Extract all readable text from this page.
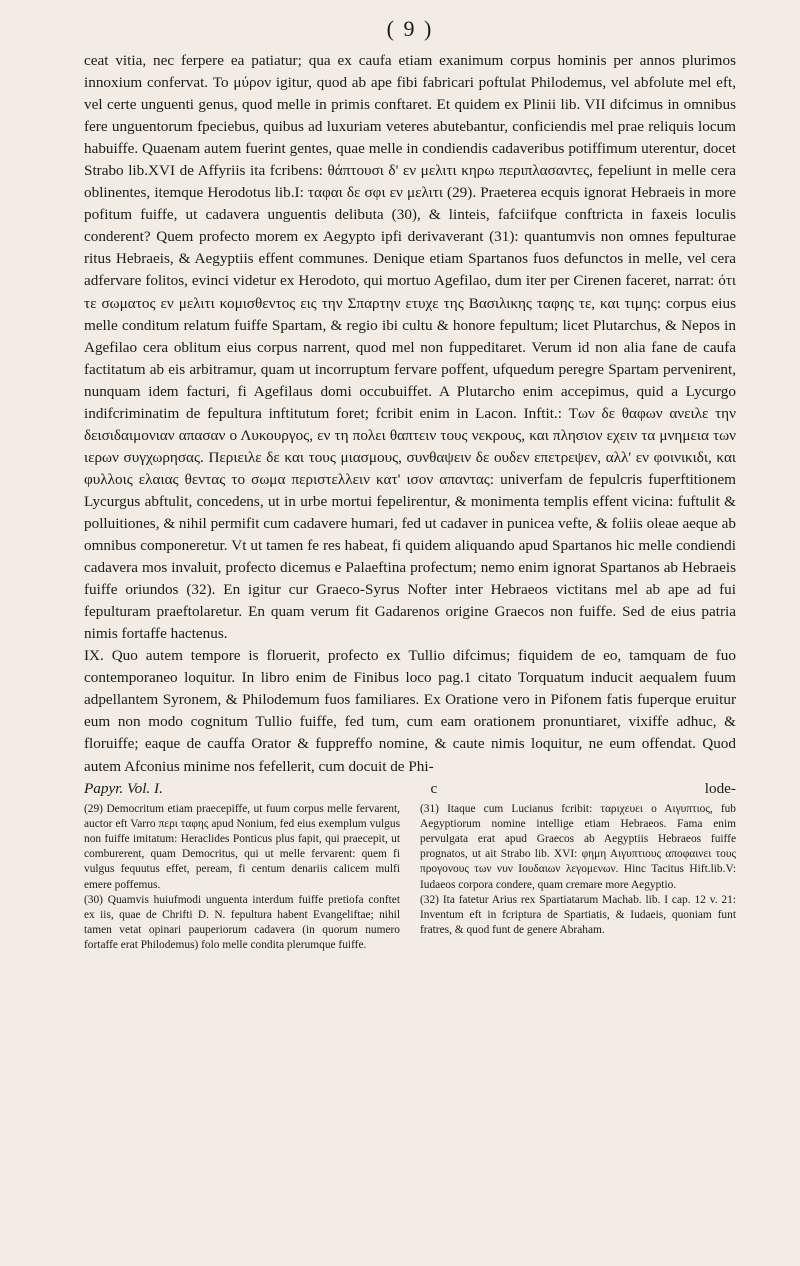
( 9 )

ceat vitia, nec ferpere ea patiatur; qua ex caufa etiam exanimum corpus hominis per annos plurimos innoxium confervat. Το μύρον igitur, quod ab ape fibi fabricari poftulat Philodemus, vel abfolute mel eft, vel certe unguenti genus, quod melle in primis conftaret. Et quidem ex Plinii lib. VII difcimus in omnibus fere unguentorum fpeciebus, quibus ad luxuriam veteres abutebantur, conficiendis mel prae reliquis locum habuiffe. Quaenam autem fuerint gentes, quae melle in condiendis cadaveribus potiffimum uterentur, docet Strabo lib.XVI de Affyriis ita fcribens: θάπτουσι δ' εν μελιτι κηρω περιπλασαντες, fepeliunt in melle cera oblinentes, itemque Herodotus lib.I: ταφαι δε σφι εν μελιτι (29). Praeterea ecquis ignorat Hebraeis in more pofitum fuiffe, ut cadavera unguentis delibuta (30), & linteis, fafciifque conftricta in faxeis loculis conderent? Quem profecto morem ex Aegypto ipfi derivaverant (31): quantumvis non omnes fepulturae ritus Hebraeis, & Aegyptiis effent communes. Denique etiam Spartanos fuos defunctos in melle, vel cera adfervare folitos, evinci videtur ex Herodoto, qui mortuo Agefilao, dum iter per Cirenen faceret, narrat: ότι τε σωματος εν μελιτι κομισθεντος εις την Σπαρτην ετυχε της Βασιλικης ταφης τε, και τιμης: corpus eius melle conditum relatum fuiffe Spartam, & regio ibi cultu & honore fepultum; licet Plutarchus, & Nepos in Agefilao cera oblitum eius corpus narrent, quod mel non fuppeditaret. Verum id non alia fane de caufa factitatum ab eis arbitramur, quam ut incorruptum fervare poffent, ufquedum peregre Spartam pervenirent, nunquam idem facturi, fi Agefilaus domi occubuiffet. A Plutarcho enim accepimus, quid a Lycurgo indifcriminatim de fepultura inftitutum foret; fcribit enim in Lacon. Inftit.: Των δε θαφων ανειλε την δεισιδαιμονιαν απασαν ο Λυκουργος, εν τη πολει θαπτειν τους νεκρους, και πλησιον εχειν τα μνημεια των ιερων συγχωρησας. Περιειλε δε και τους μιασμους, συνθαψειν δε ουδεν επετρεψεν, αλλ' εν φοινικιδι, και φυλλοις ελαιας θεντας το σωμα περιστελλειν κατ' ισον απαντας: univerfam de fepulcris fuperftitionem Lycurgus abftulit, concedens, ut in urbe mortui fepelirentur, & monimenta templis effent vicina: fuftulit & polluitiones, & nihil permifit cum cadavere humari, fed ut cadaver in punicea vefte, & foliis oleae aeque ab omnibus componeretur. Vt ut tamen fe res habeat, fi quidem aliquando apud Spartanos hic melle condiendi cadavera mos invaluit, profecto dicemus e Palaeftina profectum; nemo enim ignorat Spartanos ab Hebraeis fuiffe oriundos (32). En igitur cur Graeco-Syrus Nofter inter Hebraeos victitans mel ab ape ad fui fepulturam praeftolaretur. En quam verum fit Gadarenos origine Graecos non fuiffe. Sed de eius patria nimis fortaffe hactenus.

IX. Quo autem tempore is floruerit, profecto ex Tullio difcimus; fiquidem de eo, tamquam de fuo contemporaneo loquitur. In libro enim de Finibus loco pag.1 citato Torquatum inducit aequalem fuum adpellantem Syronem, & Philodemum fuos familiares. Ex Oratione vero in Pifonem fatis fuperque eruitur eum non modo cognitum Tullio fuiffe, fed tum, cum eam orationem pronuntiaret, vixiffe adhuc, & floruiffe; eaque de cauffa Orator & fuppreffo nomine, & caute nimis loquitur, ne eum offendat. Quod autem Afconius minime nos fefellerit, cum docuit de Phi-

Papyr. Vol. I.	c	lode-

(29) Democritum etiam praecepiffe, ut fuum corpus melle fervarent, auctor eft Varro περι ταφης apud Nonium, fed eius exemplum vulgus non fuiffe imitatum: Heraclides Ponticus plus fapit, qui praecepit, ut comburerent, quam Democritus, qui ut melle fervarent: quem fi vulgus fequutus effet, peream, fi centum denariis calicem mulfi emere poffemus.

(30) Quamvis huiufmodi unguenta interdum fuiffe pretiofa conftet ex iis, quae de Chrifti D. N. fepultura habent Evangeliftae; nihil tamen vetat opinari pauperiorum cadavera (in quorum numero fortaffe erat Philodemus) folo melle condita plerumque fuiffe.

(31) Itaque cum Lucianus fcribit: ταριχευει ο Αιγυπτιος, fub Aegyptiorum nomine intellige etiam Hebraeos. Fama enim pervulgata erat apud Graecos ab Aegyptiis Hebraeos fuiffe prognatos, ut ait Strabo lib. XVI: φημη Αιγυπτιους αποφαινει τους προγονους των νυν Ιουδαιων λεγομενων. Hinc Tacitus Hift.lib.V: Iudaeos corpora condere, quam cremare more Aegyptio.

(32) Ita fatetur Arius rex Spartiatarum Machab. lib. I cap. 12 v. 21: Inventum eft in fcriptura de Spartiatis, & Iudaeis, quoniam funt fratres, & quod funt de genere Abraham.
